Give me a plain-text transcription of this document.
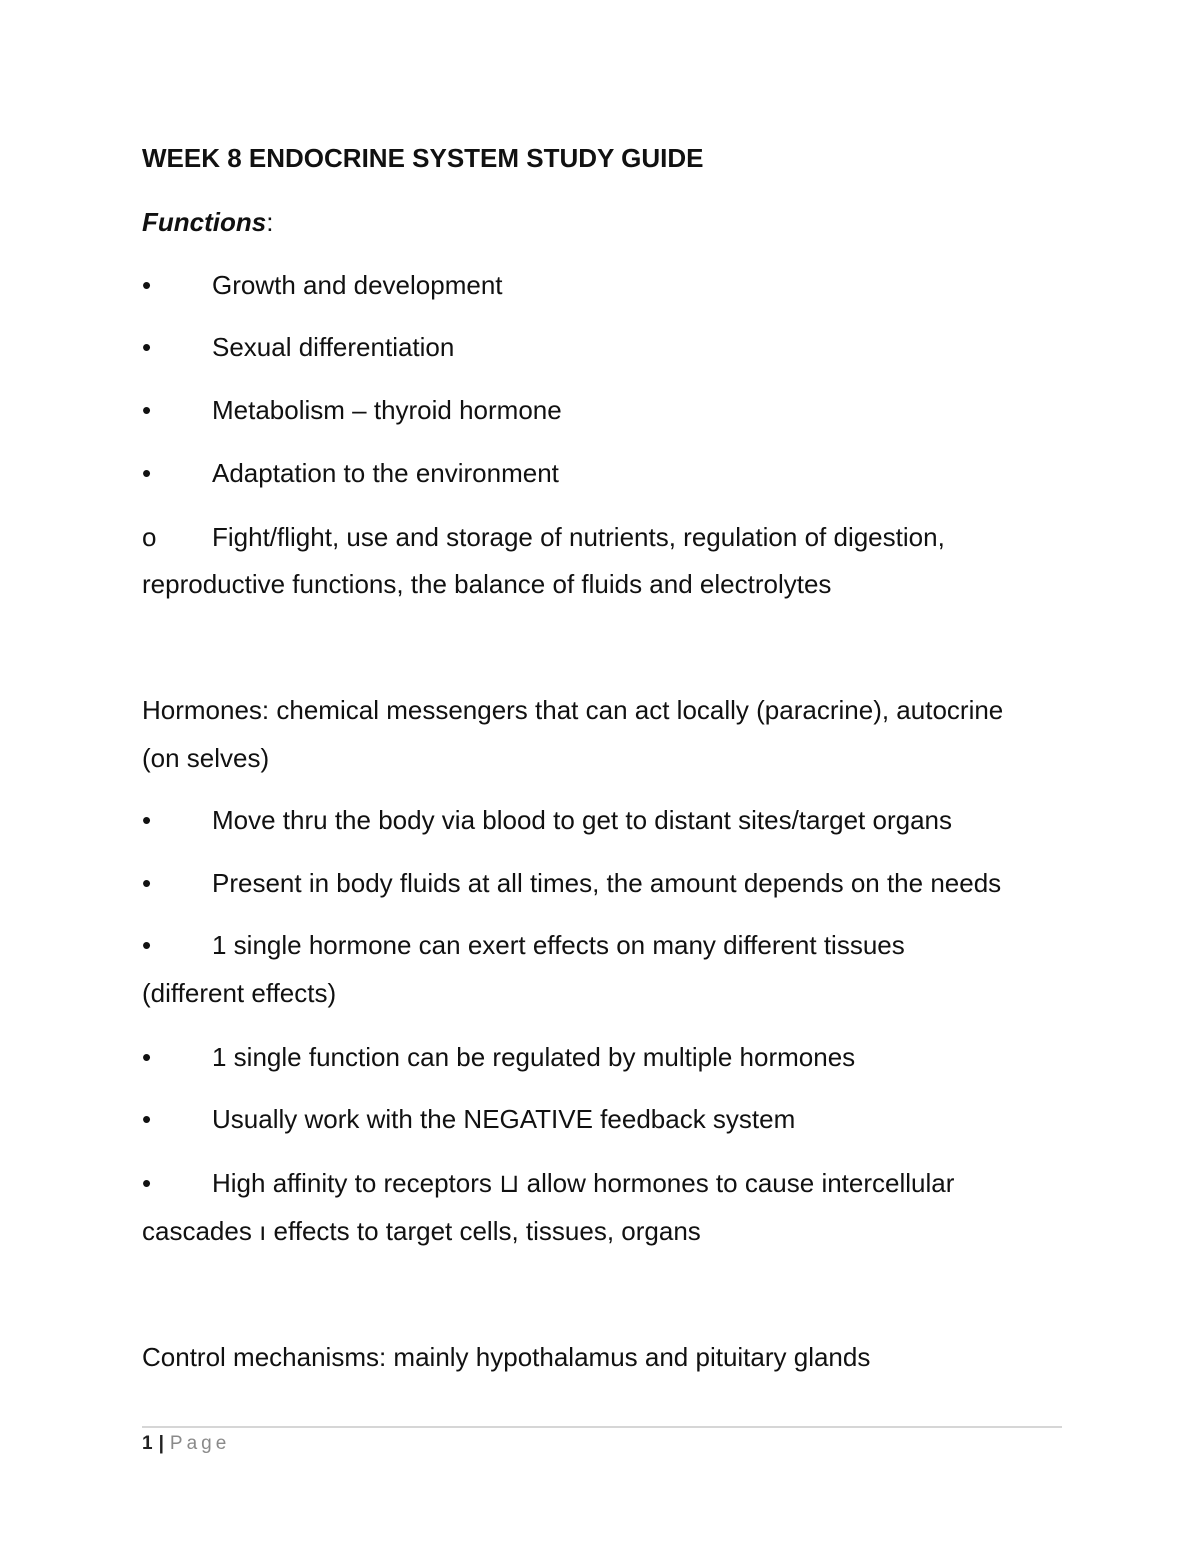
WEEK 8 ENDOCRINE SYSTEM STUDY GUIDE
Functions:
• Growth and development
• Sexual differentiation
• Metabolism – thyroid hormone
• Adaptation to the environment
o Fight/flight, use and storage of nutrients, regulation of digestion,
reproductive functions, the balance of fluids and electrolytes
Hormones: chemical messengers that can act locally (paracrine), autocrine
(on selves)
• Move thru the body via blood to get to distant sites/target organs
• Present in body fluids at all times, the amount depends on the needs
• 1 single hormone can exert effects on many different tissues
(different effects)
• 1 single function can be regulated by multiple hormones
• Usually work with the NEGATIVE feedback system
• High affinity to receptors ⊔ allow hormones to cause intercellular
cascades ı effects to target cells, tissues, organs
Control mechanisms: mainly hypothalamus and pituitary glands
1 | Page
